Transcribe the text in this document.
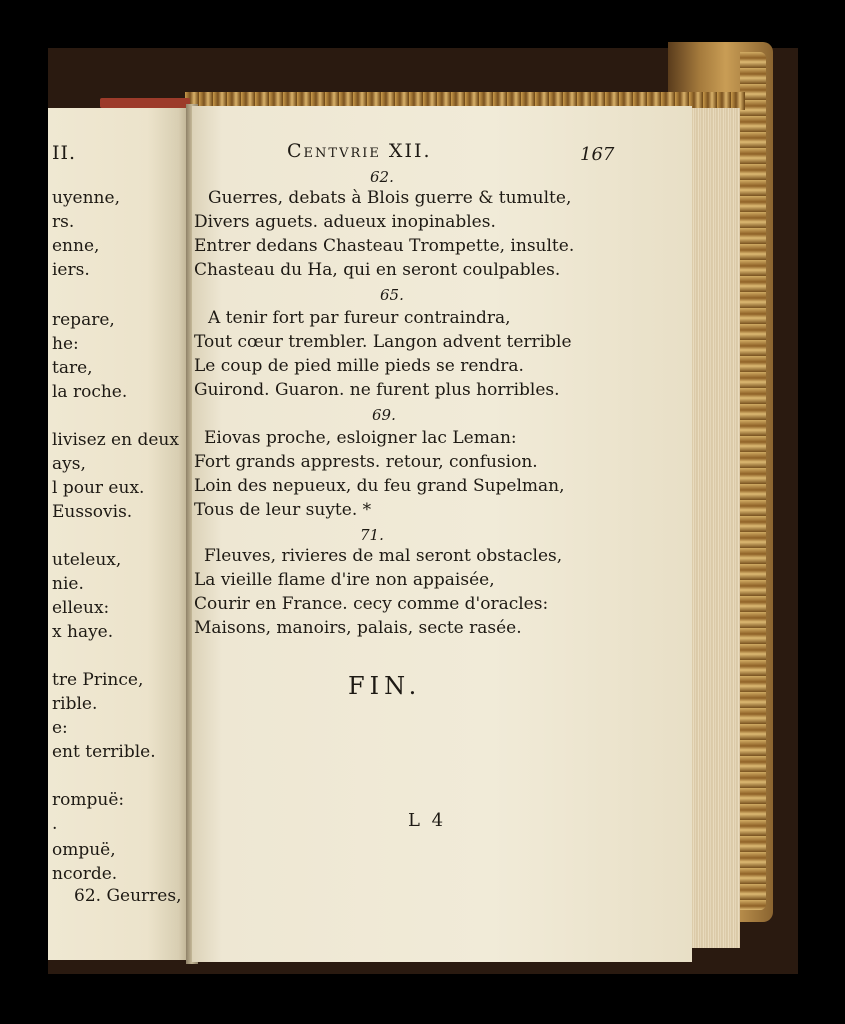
II.
uyenne,
rs.
enne,
iers.
repare,
he:
tare,
la roche.
livisez en deux
ays,
l pour eux.
Eussovis.
uteleux,
nie.
elleux:
x haye.
tre Prince,
rible.
e:
ent terrible.
rompuë:
.
ompuë,
ncorde.
62. Geurres,
Centvrie XII.	167
62.
Guerres, debats à Blois guerre & tumulte,
Divers aguets. adueux inopinables.
Entrer dedans Chasteau Trompette, insulte.
Chasteau du Ha, qui en seront coulpables.
65.
A tenir fort par fureur contraindra,
Tout cœur trembler. Langon advent terrible
Le coup de pied mille pieds se rendra.
Guirond. Guaron. ne furent plus horribles.
69.
Eiovas proche, esloigner lac Leman:
Fort grands apprests. retour, confusion.
Loin des nepueux, du feu grand Supelman,
Tous de leur suyte. *
71.
Fleuves, rivieres de mal seront obstacles,
La vieille flame d'ire non appaisée,
Courir en France. cecy comme d'oracles:
Maisons, manoirs, palais, secte rasée.
FIN.
L 4
